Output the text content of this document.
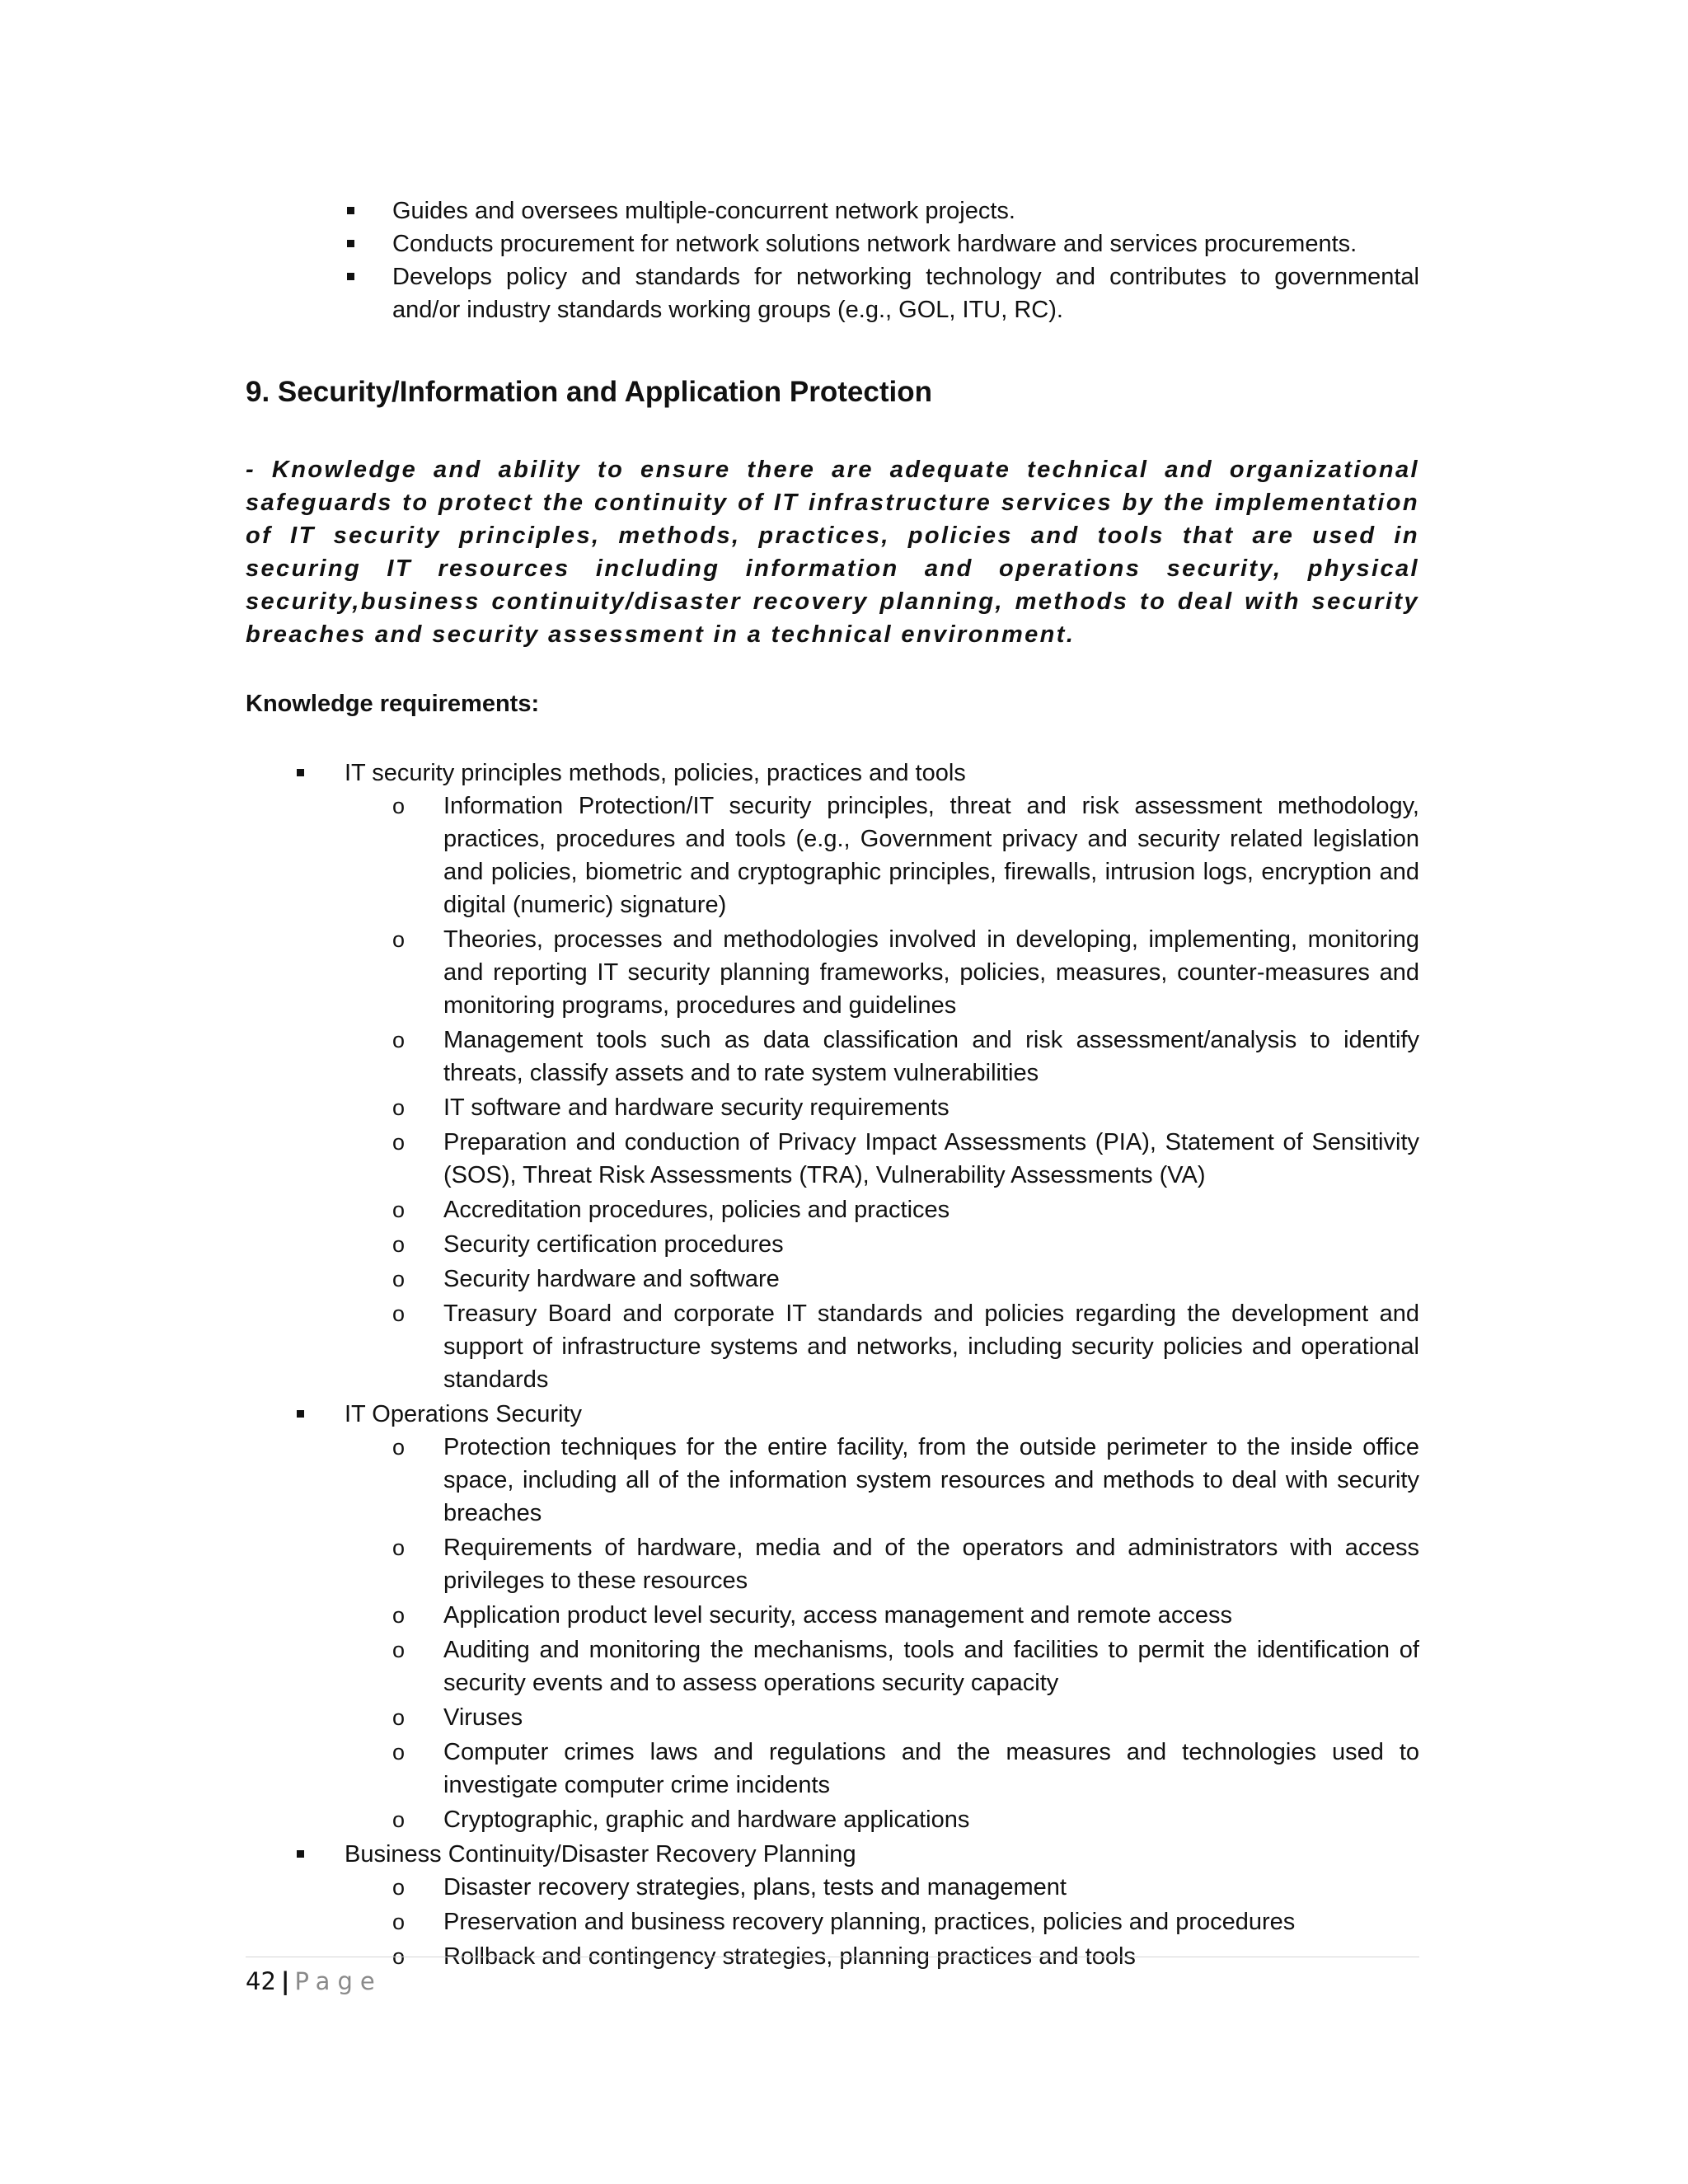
Guides and oversees multiple-concurrent network projects.
Conducts procurement for network solutions network hardware and services procurements.
Develops policy and standards for networking technology and contributes to governmental and/or industry standards working groups (e.g., GOL, ITU, RC).
9. Security/Information and Application Protection

- Knowledge and ability to ensure there are adequate technical and organizational safeguards to protect the continuity of IT infrastructure services by the implementation of IT security principles, methods, practices, policies and tools that are used in securing IT resources including information and operations security, physical security,business continuity/disaster recovery planning, methods to deal with security breaches and security assessment in a technical environment.

Knowledge requirements:

IT security principles methods, policies, practices and tools
o Information Protection/IT security principles, threat and risk assessment methodology, practices, procedures and tools (e.g., Government privacy and security related legislation and policies, biometric and cryptographic principles, firewalls, intrusion logs, encryption and digital (numeric) signature)
o Theories, processes and methodologies involved in developing, implementing, monitoring and reporting IT security planning frameworks, policies, measures, counter-measures and monitoring programs, procedures and guidelines
o Management tools such as data classification and risk assessment/analysis to identify threats, classify assets and to rate system vulnerabilities
o IT software and hardware security requirements
o Preparation and conduction of Privacy Impact Assessments (PIA), Statement of Sensitivity (SOS), Threat Risk Assessments (TRA), Vulnerability Assessments (VA)
o Accreditation procedures, policies and practices
o Security certification procedures
o Security hardware and software
o Treasury Board and corporate IT standards and policies regarding the development and support of infrastructure systems and networks, including security policies and operational standards
IT Operations Security
o Protection techniques for the entire facility, from the outside perimeter to the inside office space, including all of the information system resources and methods to deal with security breaches
o Requirements of hardware, media and of the operators and administrators with access privileges to these resources
o Application product level security, access management and remote access
o Auditing and monitoring the mechanisms, tools and facilities to permit the identification of security events and to assess operations security capacity
o Viruses
o Computer crimes laws and regulations and the measures and technologies used to investigate computer crime incidents
o Cryptographic, graphic and hardware applications
Business Continuity/Disaster Recovery Planning
o Disaster recovery strategies, plans, tests and management
o Preservation and business recovery planning, practices, policies and procedures
o Rollback and contingency strategies, planning practices and tools
42 | Page
